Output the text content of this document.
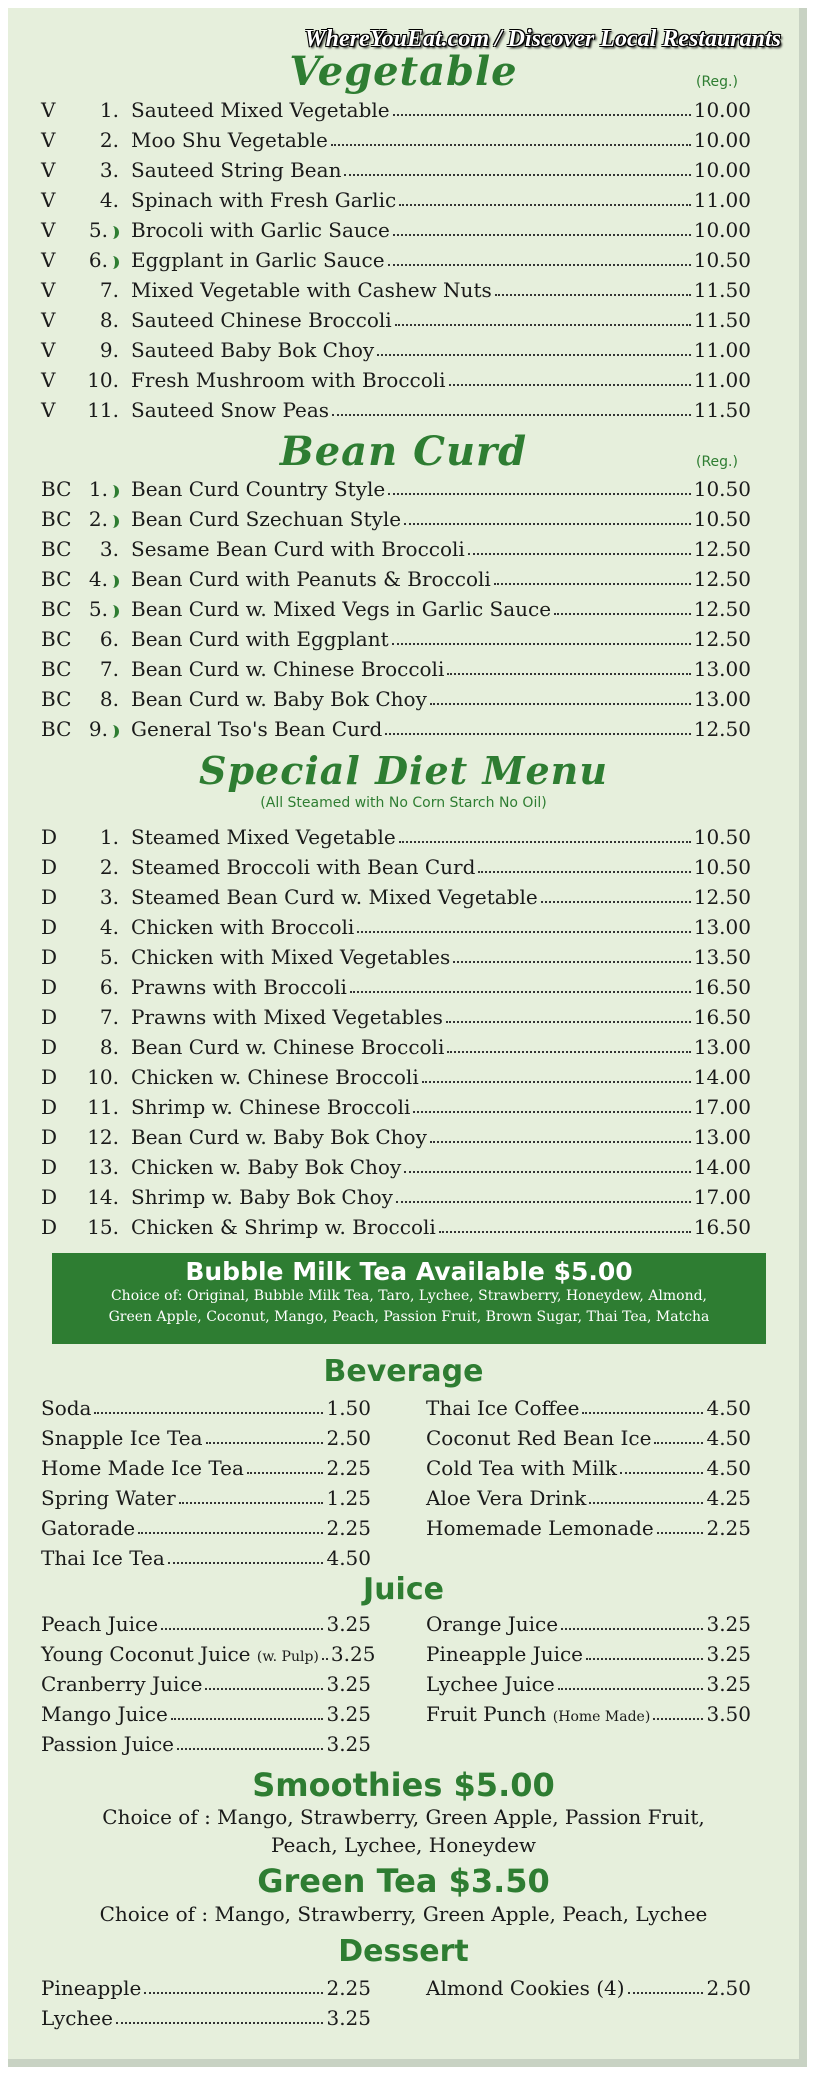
WhereYouEat.com / Discover Local Restaurants
Vegetable	(Reg.)
V	1. Sauteed Mixed Vegetable	10.00
V	2. Moo Shu Vegetable	10.00
V	3. Sauteed String Bean	10.00
V	4. Spinach with Fresh Garlic	11.00
V	5. Brocoli with Garlic Sauce	10.00
V	6. Eggplant in Garlic Sauce	10.50
V	7. Mixed Vegetable with Cashew Nuts	11.50
V	8. Sauteed Chinese Broccoli	11.50
V	9. Sauteed Baby Bok Choy	11.00
V	10. Fresh Mushroom with Broccoli	11.00
V	11. Sauteed Snow Peas	11.50
Bean Curd	(Reg.)
BC 1. Bean Curd Country Style	10.50
BC 2. Bean Curd Szechuan Style	10.50
BC	3. Sesame Bean Curd with Broccoli	12.50
BC 4. Bean Curd with Peanuts & Broccoli	12.50
BC 5. Bean Curd w. Mixed Vegs in Garlic Sauce	12.50
BC	6. Bean Curd with Eggplant	12.50
BC	7. Bean Curd w. Chinese Broccoli	13.00
BC	8. Bean Curd w. Baby Bok Choy	13.00
BC 9. General Tso's Bean Curd	12.50
Special Diet Menu
(All Steamed with No Corn Starch No Oil)
D	1. Steamed Mixed Vegetable	10.50
D	2. Steamed Broccoli with Bean Curd	10.50
D	3. Steamed Bean Curd w. Mixed Vegetable	12.50
D	4. Chicken with Broccoli	13.00
D	5. Chicken with Mixed Vegetables	13.50
D	6. Prawns with Broccoli	16.50
D	7. Prawns with Mixed Vegetables	16.50
D	8. Bean Curd w. Chinese Broccoli	13.00
D	10. Chicken w. Chinese Broccoli	14.00
D	11. Shrimp w. Chinese Broccoli	17.00
D	12. Bean Curd w. Baby Bok Choy	13.00
D	13. Chicken w. Baby Bok Choy	14.00
D	14. Shrimp w. Baby Bok Choy	17.00
D	15. Chicken & Shrimp w. Broccoli	16.50
Bubble Milk Tea Available $5.00
Choice of: Original, Bubble Milk Tea, Taro, Lychee, Strawberry, Honeydew, Almond,
Green Apple, Coconut, Mango, Peach, Passion Fruit, Brown Sugar, Thai Tea, Matcha
Beverage
Soda	1.50
Snapple Ice Tea	2.50
Home Made Ice Tea	2.25
Spring Water	1.25
Gatorade	2.25
Thai Ice Tea	4.50
Thai Ice Coffee	4.50
Coconut Red Bean Ice	4.50
Cold Tea with Milk	4.50
Aloe Vera Drink	4.25
Homemade Lemonade	2.25
Juice
Peach Juice	3.25
Young Coconut Juice (w. Pulp) 3.25
Cranberry Juice	3.25
Mango Juice	3.25
Passion Juice	3.25
Orange Juice	3.25
Pineapple Juice	3.25
Lychee Juice	3.25
Fruit Punch (Home Made)	3.50
Smoothies $5.00
Choice of : Mango, Strawberry, Green Apple, Passion Fruit,
Peach, Lychee, Honeydew
Green Tea $3.50
Choice of : Mango, Strawberry, Green Apple, Peach, Lychee
Dessert
Pineapple	2.25
Lychee	3.25
Almond Cookies (4)	2.50
